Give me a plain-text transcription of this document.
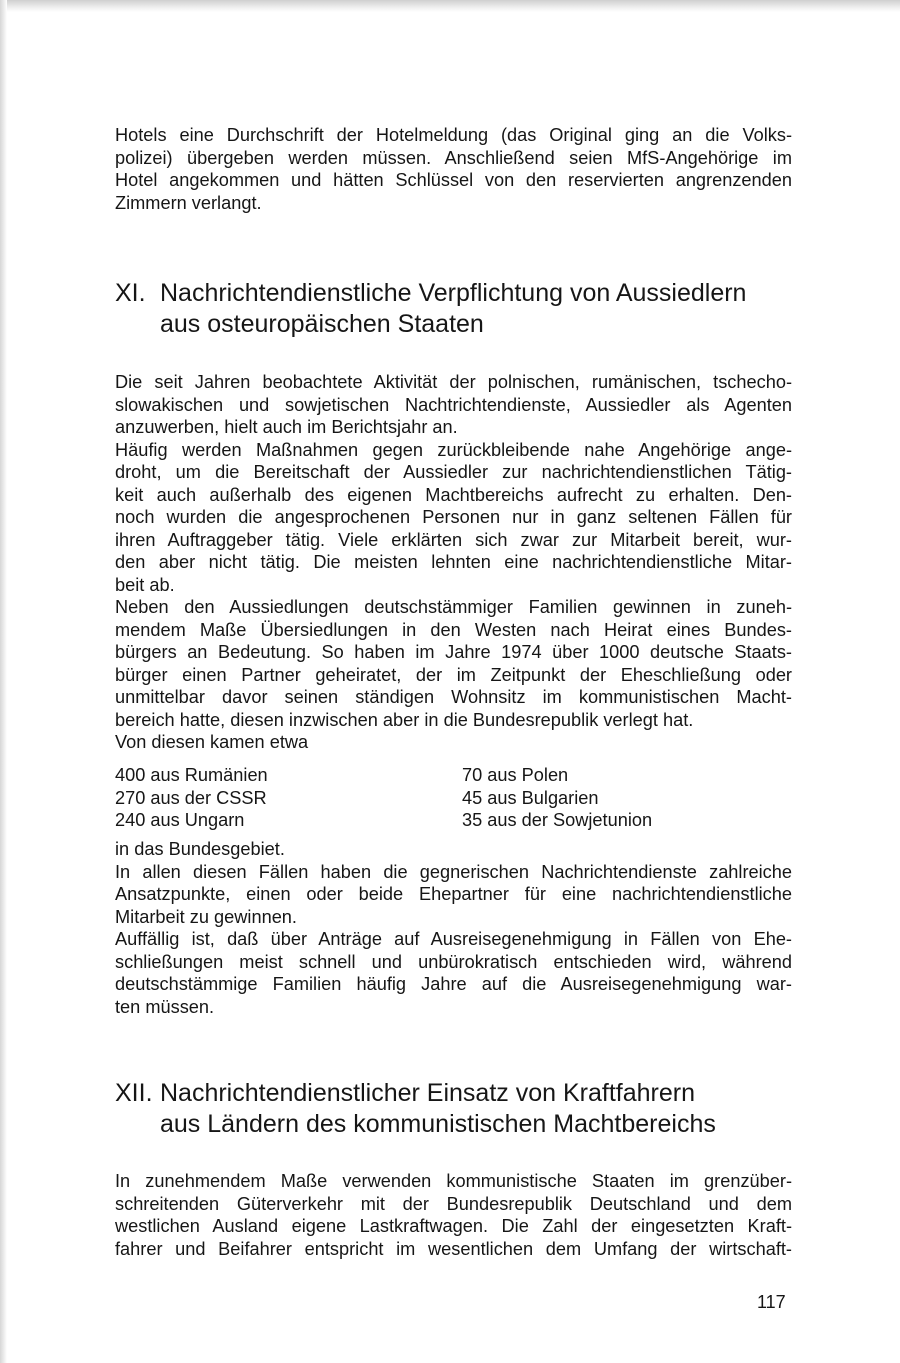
Hotels eine Durchschrift der Hotelmeldung (das Original ging an die Volks-
polizei) übergeben werden müssen. Anschließend seien MfS-Angehörige im
Hotel angekommen und hätten Schlüssel von den reservierten angrenzenden
Zimmern verlangt.

XI. Nachrichtendienstliche Verpflichtung von Aussiedlern
aus osteuropäischen Staaten

Die seit Jahren beobachtete Aktivität der polnischen, rumänischen, tschecho-
slowakischen und sowjetischen Nachtrichtendienste, Aussiedler als Agenten
anzuwerben, hielt auch im Berichtsjahr an.
Häufig werden Maßnahmen gegen zurückbleibende nahe Angehörige ange-
droht, um die Bereitschaft der Aussiedler zur nachrichtendienstlichen Tätig-
keit auch außerhalb des eigenen Machtbereichs aufrecht zu erhalten. Den-
noch wurden die angesprochenen Personen nur in ganz seltenen Fällen für
ihren Auftraggeber tätig. Viele erklärten sich zwar zur Mitarbeit bereit, wur-
den aber nicht tätig. Die meisten lehnten eine nachrichtendienstliche Mitar-
beit ab.
Neben den Aussiedlungen deutschstämmiger Familien gewinnen in zuneh-
mendem Maße Übersiedlungen in den Westen nach Heirat eines Bundes-
bürgers an Bedeutung. So haben im Jahre 1974 über 1000 deutsche Staats-
bürger einen Partner geheiratet, der im Zeitpunkt der Eheschließung oder
unmittelbar davor seinen ständigen Wohnsitz im kommunistischen Macht-
bereich hatte, diesen inzwischen aber in die Bundesrepublik verlegt hat.
Von diesen kamen etwa

400 aus Rumänien	70 aus Polen
270 aus der CSSR	45 aus Bulgarien
240 aus Ungarn	35 aus der Sowjetunion

in das Bundesgebiet.
In allen diesen Fällen haben die gegnerischen Nachrichtendienste zahlreiche
Ansatzpunkte, einen oder beide Ehepartner für eine nachrichtendienstliche
Mitarbeit zu gewinnen.
Auffällig ist, daß über Anträge auf Ausreisegenehmigung in Fällen von Ehe-
schließungen meist schnell und unbürokratisch entschieden wird, während
deutschstämmige Familien häufig Jahre auf die Ausreisegenehmigung war-
ten müssen.

XII. Nachrichtendienstlicher Einsatz von Kraftfahrern
aus Ländern des kommunistischen Machtbereichs

In zunehmendem Maße verwenden kommunistische Staaten im grenzüber-
schreitenden Güterverkehr mit der Bundesrepublik Deutschland und dem
westlichen Ausland eigene Lastkraftwagen. Die Zahl der eingesetzten Kraft-
fahrer und Beifahrer entspricht im wesentlichen dem Umfang der wirtschaft-

117
